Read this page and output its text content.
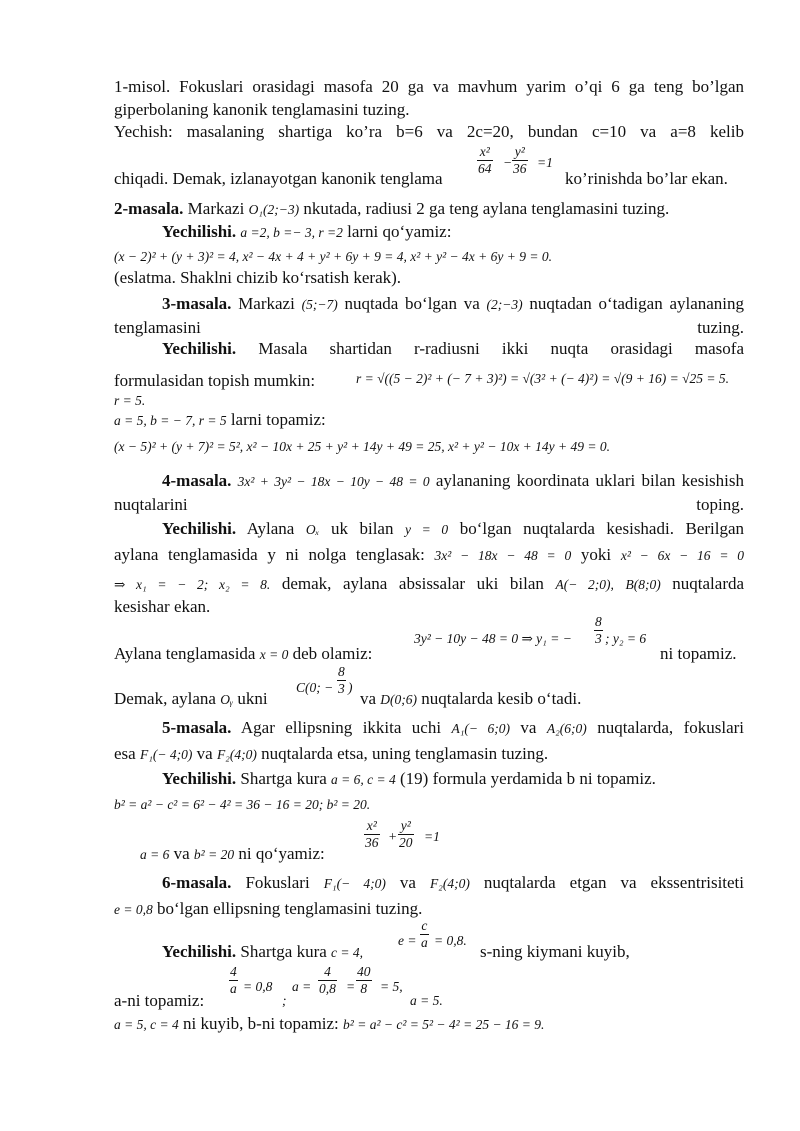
1-misol. Fokuslari orasidagi masofa 20 ga va mavhum yarim o’qi 6 ga teng bo’lgan giperbolaning kanonik tenglamasini tuzing.
Yechish: masalaning shartiga ko’ra b=6 va 2c=20, bundan c=10 va a=8 kelib
chiqadi. Demak, izlanayotgan kanonik tenglama
$\frac{\text{x²}}{64} - \frac{\text{y²}}{36} =1$
ko’rinishda bo’lar ekan.
2-masala. Markazi O₁(2;−3) nkutada, radiusi 2 ga teng aylana tenglamasini tuzing.
Yechilishi. a =2, b =− 3, r =2 larni qo‘yamiz:
(x − 2)² + (y + 3)² = 4, x² − 4x + 4 + y² + 6y + 9 = 4, x² + y² − 4x + 6y + 9 = 0.
(eslatma. Shaklni chizib ko‘rsatish kerak).
3-masala. Markazi (5;−7) nuqtada bo‘lgan va (2;−3) nuqtadan o‘tadigan aylananing tenglamasini tuzing.
Yechilishi. Masala shartidan r-radiusni ikki nuqta orasidagi masofa
formulasidan topish mumkin:	r = √((5 − 2)² + (− 7 + 3)²) = √(3² + (− 4)²) = √(9 + 16) = √25 = 5.
r = 5.
a = 5, b = − 7, r = 5 larni topamiz:
(x − 5)² + (y + 7)² = 5², x² − 10x + 25 + y² + 14y + 49 = 25, x² + y² − 10x + 14y + 49 = 0.
4-masala. 3x² + 3y² − 18x − 10y − 48 = 0 aylananing koordinata uklari bilan kesishish nuqtalarini toping.
Yechilishi. Aylana Oₓ uk bilan y = 0 bo‘lgan nuqtalarda kesishadi. Berilgan
aylana tenglamasida y ni nolga tenglasak: 3x² − 18x − 48 = 0 yoki x² − 6x − 16 = 0
⇒ x₁ = − 2; x₂ = 8. demak, aylana absissalar uki bilan A(− 2;0), B(8;0) nuqtalarda
kesishar ekan.
Aylana tenglamasida x = 0 deb olamiz:
3y² − 10y − 48 = 0 ⇒ y₁ = − $\frac{8}{3}$ ; y₂ = 6
ni topamiz.
Demak, aylana Oᵧ ukni
C(0; − $\frac{8}{3}$ )
va D(0;6) nuqtalarda kesib o‘tadi.
5-masala. Agar ellipsning ikkita uchi A₁(− 6;0) va A₂(6;0) nuqtalarda, fokuslari
esa F₁(− 4;0) va F₂(4;0) nuqtalarda etsa, uning tenglamasin tuzing.
Yechilishi. Shartga kura a = 6, c = 4 (19) formula yerdamida b ni topamiz.
b² = a² − c² = 6² − 4² = 36 − 16 = 20; b² = 20.
a = 6 va b² = 20 ni qo‘yamiz:
$\frac{\text{x²}}{36} + \frac{\text{y²}}{20} =1$
6-masala. Fokuslari F₁(− 4;0) va F₂(4;0) nuqtalarda etgan va ekssentrisiteti
e = 0,8 bo‘lgan ellipsning tenglamasini tuzing.
Yechilishi. Shartga kura c = 4,
$e = \frac{c}{a} = 0,8$.
s-ning kiymani kuyib,
a-ni topamiz:
$\frac{4}{a} = 0,8$
;
$a = \frac{4}{0,8} = \frac{40}{8} = 5$,
a = 5.
a = 5, c = 4 ni kuyib, b-ni topamiz: b² = a² − c² = 5² − 4² = 25 − 16 = 9.
